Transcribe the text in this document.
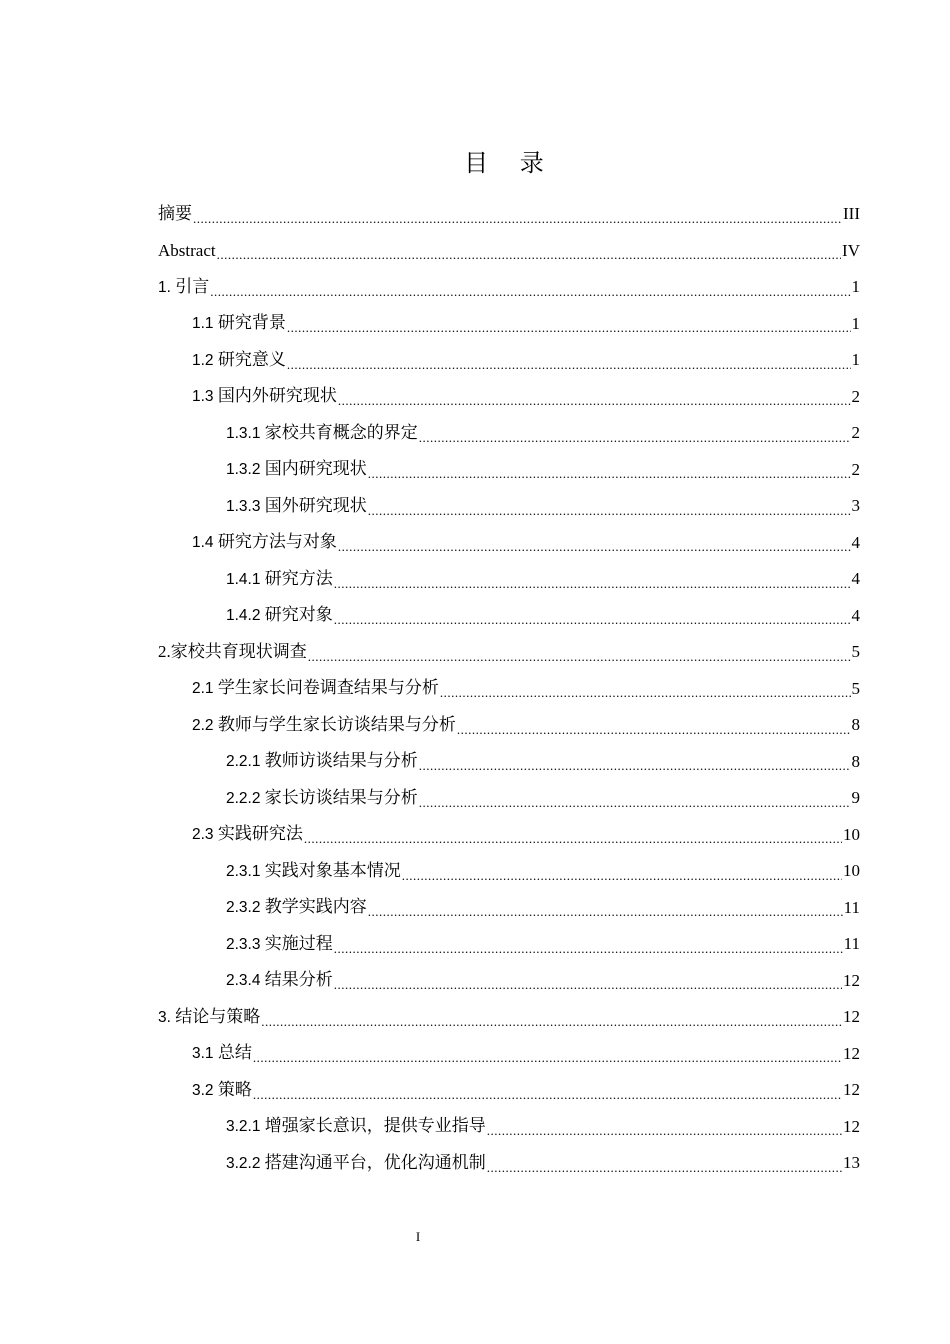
目 录
摘要 .....	III
Abstract .....	IV
1. 引言 .....	1
1.1 研究背景 .....	1
1.2 研究意义 .....	1
1.3 国内外研究现状 .....	2
1.3.1 家校共育概念的界定 .....	2
1.3.2 国内研究现状 .....	2
1.3.3 国外研究现状 .....	3
1.4 研究方法与对象 .....	4
1.4.1 研究方法 .....	4
1.4.2 研究对象 .....	4
2.家校共育现状调查 .....	5
2.1 学生家长问卷调查结果与分析 .....	5
2.2 教师与学生家长访谈结果与分析 .....	8
2.2.1 教师访谈结果与分析 .....	8
2.2.2 家长访谈结果与分析 .....	9
2.3 实践研究法 .....	10
2.3.1 实践对象基本情况 .....	10
2.3.2 教学实践内容 .....	11
2.3.3 实施过程 .....	11
2.3.4 结果分析 .....	12
3. 结论与策略 .....	12
3.1 总结 .....	12
3.2 策略 .....	12
3.2.1 增强家长意识，提供专业指导 .....	12
3.2.2 搭建沟通平台，优化沟通机制 .....	13
I
